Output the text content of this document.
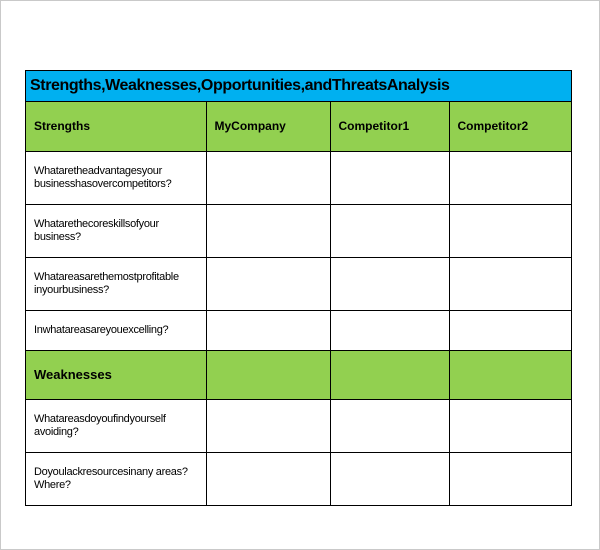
Strengths,Weaknesses,Opportunities,andThreatsAnalysis
Strengths	MyCompany	Competitor1	Competitor2
Whataretheadvantagesyour businesshasovercompetitors?			
Whatarethecoreskillsofyour business?			
Whatareasarethemostprofitable inyourbusiness?			
Inwhatareasareyouexcelling?			
Weaknesses			
Whatareasdoyoufindyourself avoiding?			
Doyoulackresourcesinany areas?Where?			
